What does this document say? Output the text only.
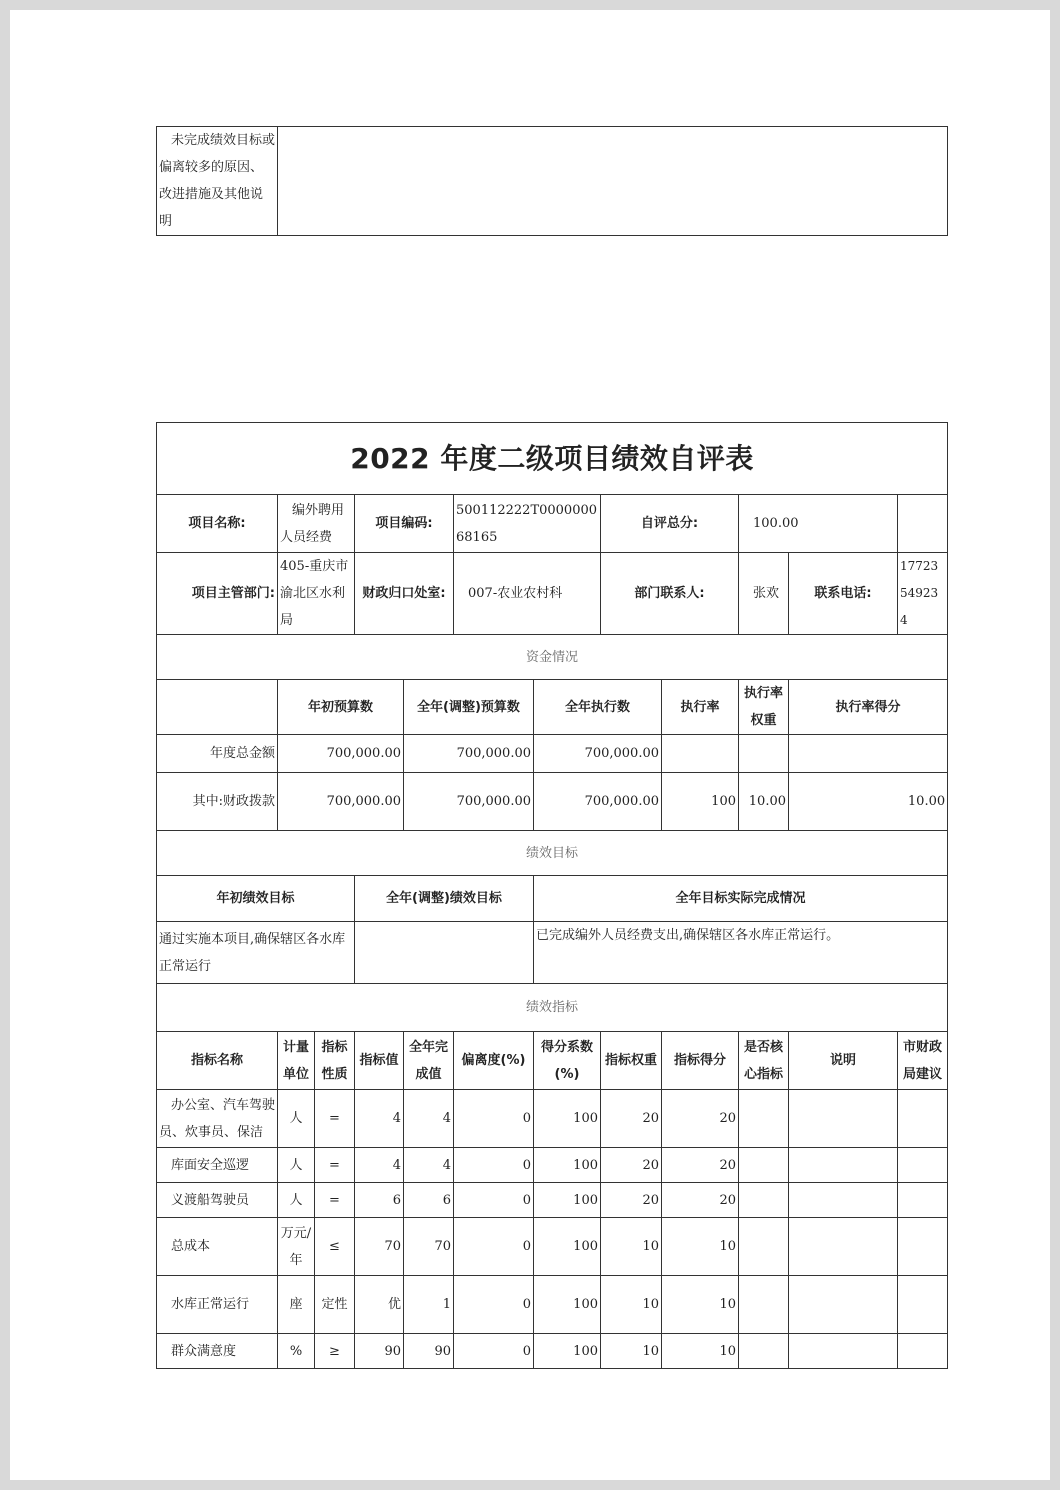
未完成绩效目标或偏离较多的原因、改进措施及其他说明	
2022 年度二级项目绩效自评表											
项目名称:	编外聘用人员经费		项目编码:		500112222T000000068165		自评总分:		100.00		
项目主管部门:	405-重庆市渝北区水利局		财政归口处室:		007-农业农村科		部门联系人:		张欢	联系电话:	17723549234
资金情况											
	年初预算数			全年(调整)预算数		全年执行数		执行率	执行率权重	执行率得分	
年度总金额	700,000.00			700,000.00		700,000.00					
其中:财政拨款	700,000.00			700,000.00		700,000.00		100	10.00	10.00	
绩效目标											
年初绩效目标			全年(调整)绩效目标			全年目标实际完成情况					
通过实施本项目,确保辖区各水库正常运行						已完成编外人员经费支出,确保辖区各水库正常运行。					
绩效指标											
指标名称	计量单位	指标性质	指标值	全年完成值	偏离度(%)	得分系数(%)	指标权重	指标得分	是否核心指标	说明	市财政局建议
办公室、汽车驾驶员、炊事员、保洁	人	=	4	4	0	100	20	20			
库面安全巡逻	人	=	4	4	0	100	20	20			
义渡船驾驶员	人	=	6	6	0	100	20	20			
总成本	万元/年	≤	70	70	0	100	10	10			
水库正常运行	座	定性	优	1	0	100	10	10			
群众满意度	%	≥	90	90	0	100	10	10			
